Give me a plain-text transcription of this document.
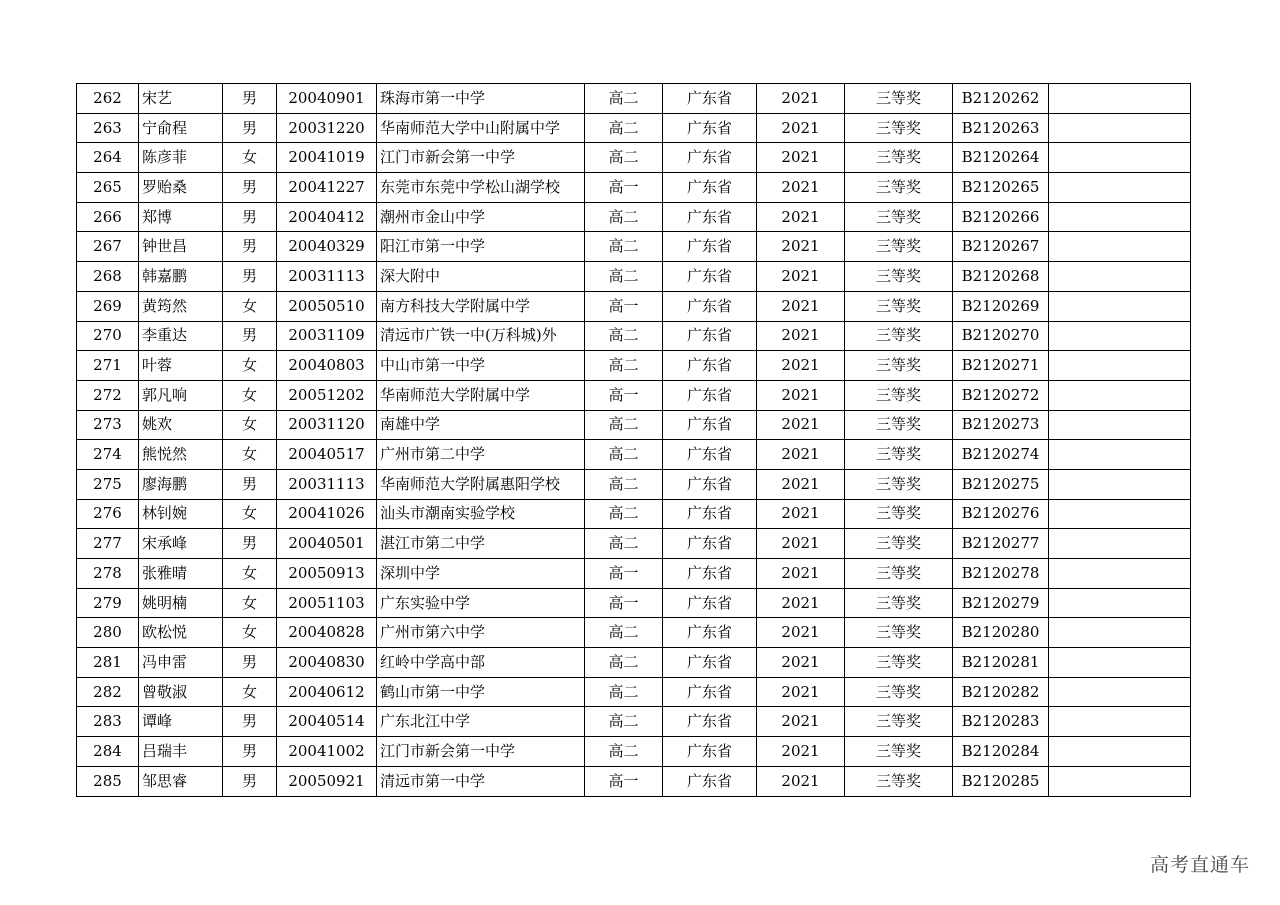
262	宋艺	男	20040901	珠海市第一中学	高二	广东省	2021	三等奖	B2120262	
263	宁俞程	男	20031220	华南师范大学中山附属中学	高二	广东省	2021	三等奖	B2120263	
264	陈彦菲	女	20041019	江门市新会第一中学	高二	广东省	2021	三等奖	B2120264	
265	罗贻桑	男	20041227	东莞市东莞中学松山湖学校	高一	广东省	2021	三等奖	B2120265	
266	郑博	男	20040412	潮州市金山中学	高二	广东省	2021	三等奖	B2120266	
267	钟世昌	男	20040329	阳江市第一中学	高二	广东省	2021	三等奖	B2120267	
268	韩嘉鹏	男	20031113	深大附中	高二	广东省	2021	三等奖	B2120268	
269	黄筠然	女	20050510	南方科技大学附属中学	高一	广东省	2021	三等奖	B2120269	
270	李重达	男	20031109	清远市广铁一中(万科城)外	高二	广东省	2021	三等奖	B2120270	
271	叶蓉	女	20040803	中山市第一中学	高二	广东省	2021	三等奖	B2120271	
272	郭凡响	女	20051202	华南师范大学附属中学	高一	广东省	2021	三等奖	B2120272	
273	姚欢	女	20031120	南雄中学	高二	广东省	2021	三等奖	B2120273	
274	熊悦然	女	20040517	广州市第二中学	高二	广东省	2021	三等奖	B2120274	
275	廖海鹏	男	20031113	华南师范大学附属惠阳学校	高二	广东省	2021	三等奖	B2120275	
276	林钊婉	女	20041026	汕头市潮南实验学校	高二	广东省	2021	三等奖	B2120276	
277	宋承峰	男	20040501	湛江市第二中学	高二	广东省	2021	三等奖	B2120277	
278	张雅晴	女	20050913	深圳中学	高一	广东省	2021	三等奖	B2120278	
279	姚明楠	女	20051103	广东实验中学	高一	广东省	2021	三等奖	B2120279	
280	欧松悦	女	20040828	广州市第六中学	高二	广东省	2021	三等奖	B2120280	
281	冯申雷	男	20040830	红岭中学高中部	高二	广东省	2021	三等奖	B2120281	
282	曾敬淑	女	20040612	鹤山市第一中学	高二	广东省	2021	三等奖	B2120282	
283	谭峰	男	20040514	广东北江中学	高二	广东省	2021	三等奖	B2120283	
284	吕瑞丰	男	20041002	江门市新会第一中学	高二	广东省	2021	三等奖	B2120284	
285	邹思睿	男	20050921	清远市第一中学	高一	广东省	2021	三等奖	B2120285	
高考直通车
